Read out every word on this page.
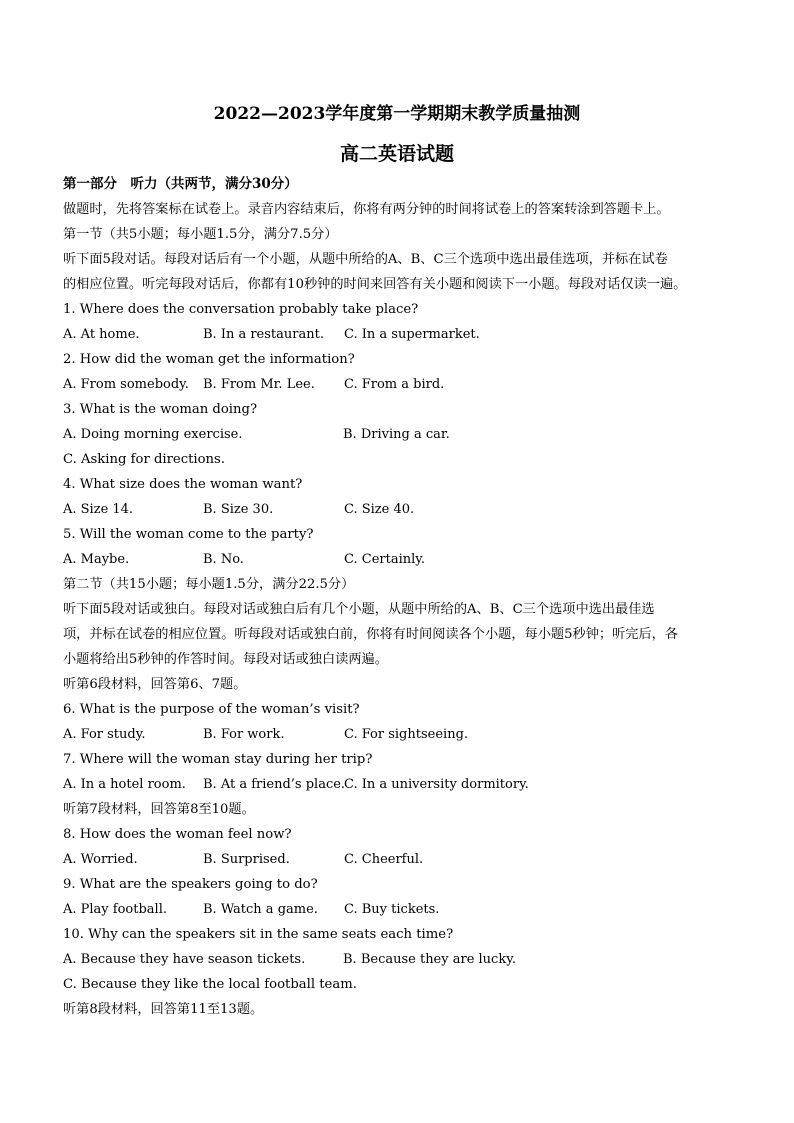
2022—2023学年度第一学期期末教学质量抽测
高二英语试题
第一部分　听力（共两节，满分30分）
做题时，先将答案标在试卷上。录音内容结束后，你将有两分钟的时间将试卷上的答案转涂到答题卡上。
第一节（共5小题；每小题1.5分，满分7.5分）
听下面5段对话。每段对话后有一个小题，从题中所给的A、B、C三个选项中选出最佳选项，并标在试卷
的相应位置。听完每段对话后，你都有10秒钟的时间来回答有关小题和阅读下一小题。每段对话仅读一遍。
1. Where does the conversation probably take place?
A. At home.	B. In a restaurant. C. In a supermarket.
2. How did the woman get the information?
A. From somebody. B. From Mr. Lee. C. From a bird.
3. What is the woman doing?
A. Doing morning exercise.	B. Driving a car.
C. Asking for directions.
4. What size does the woman want?
A. Size 14.	B. Size 30.	C. Size 40.
5. Will the woman come to the party?
A. Maybe.	B. No.	C. Certainly.
第二节（共15小题；每小题1.5分，满分22.5分）
听下面5段对话或独白。每段对话或独白后有几个小题，从题中所给的A、B、C三个选项中选出最佳选
项，并标在试卷的相应位置。听每段对话或独白前，你将有时间阅读各个小题，每小题5秒钟；听完后，各
小题将给出5秒钟的作答时间。每段对话或独白读两遍。
听第6段材料，回答第6、7题。
6. What is the purpose of the woman’s visit?
A. For study.	B. For work.	C. For sightseeing.
7. Where will the woman stay during her trip?
A. In a hotel room. B. At a friend’s place.
C. In a university dormitory.
听第7段材料，回答第8至10题。
8. How does the woman feel now?
A. Worried.	B. Surprised.	C. Cheerful.
9. What are the speakers going to do?
A. Play football.	B. Watch a game. C. Buy tickets.
10. Why can the speakers sit in the same seats each time?
A. Because they have season tickets.	B. Because they are lucky.
C. Because they like the local football team.
听第8段材料，回答第11至13题。
